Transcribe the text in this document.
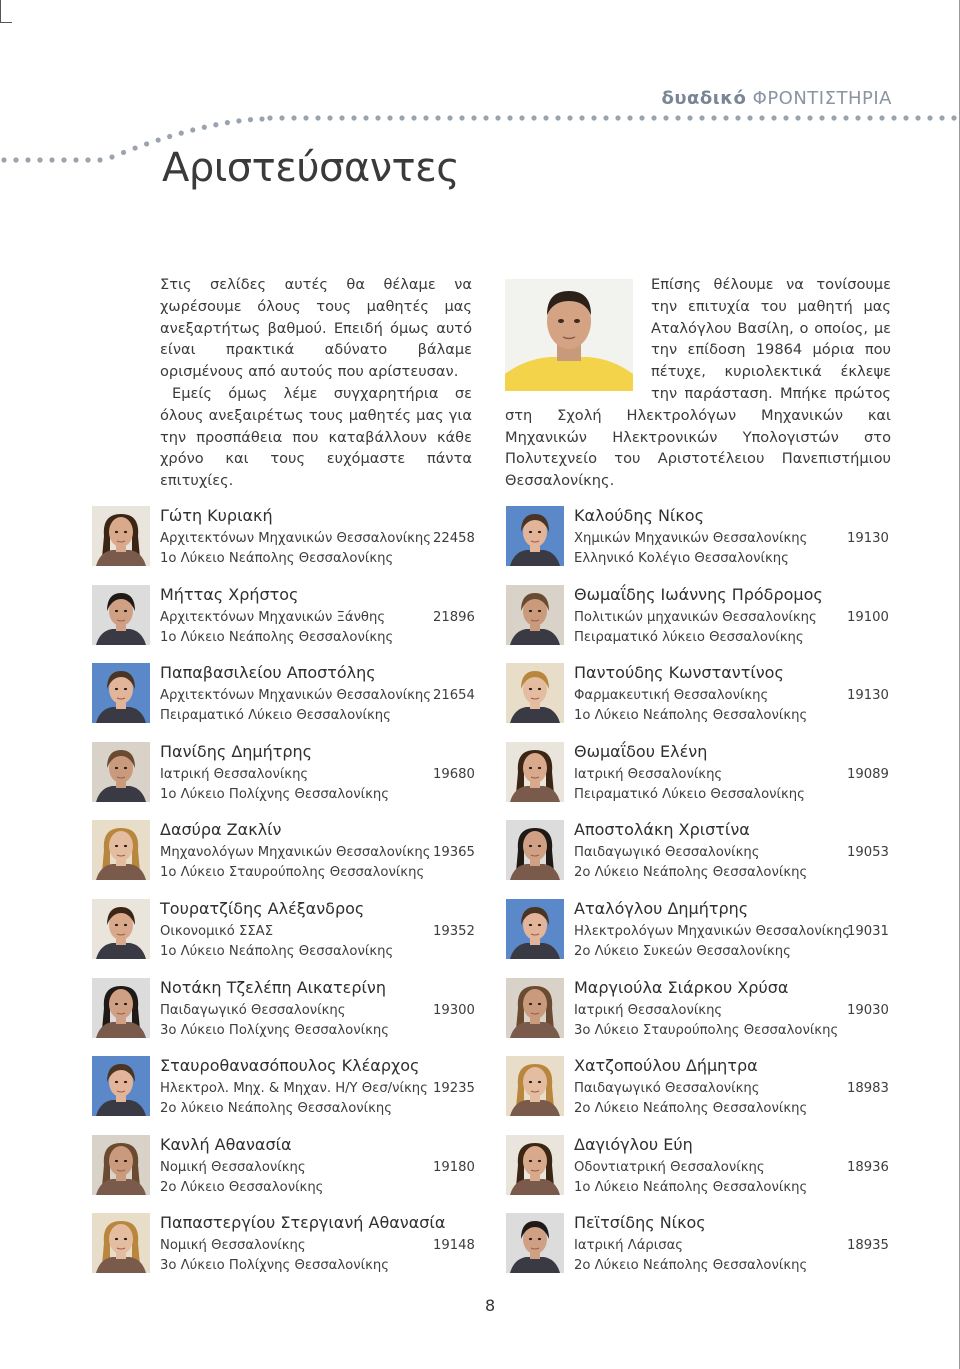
δυαδικό ΦΡΟΝΤΙΣΤΗΡΙΑ
Αριστεύσαντες

Στις σελίδες αυτές θα θέλαμε να χωρέσουμε όλους τους μαθητές μας ανεξαρτήτως βαθμού. Επειδή όμως αυτό είναι πρακτικά αδύνατο βάλαμε ορισμένους από αυτούς που αρίστευσαν.

Εμείς όμως λέμε συγχαρητήρια σε όλους ανεξαιρέτως τους μαθητές μας για την προσπάθεια που καταβάλλουν κάθε χρόνο και τους ευχόμαστε πάντα επιτυχίες.

Επίσης θέλουμε να τονίσουμε την επιτυχία του μαθητή μας Αταλόγλου Βασίλη, ο οποίος, με την επίδοση 19864 μόρια που πέτυχε, κυριολεκτικά έκλεψε την παράσταση. Μπήκε πρώτος στη Σχολή Ηλεκτρολόγων Μηχανικών και Μηχανικών Ηλεκτρονικών Υπολογιστών στο Πολυτεχνείο του Αριστοτέλειου Πανεπιστήμιου Θεσσαλονίκης.
Γώτη Κυριακή
Αρχιτεκτόνων Μηχανικών Θεσσαλονίκης 22458
1ο Λύκειο Νεάπολης Θεσσαλονίκης
Μήττας Χρήστος
Αρχιτεκτόνων Μηχανικών Ξάνθης	21896
1ο Λύκειο Νεάπολης Θεσσαλονίκης
Παπαβασιλείου Αποστόλης
Αρχιτεκτόνων Μηχανικών Θεσσαλονίκης 21654
Πειραματικό Λύκειο Θεσσαλονίκης
Πανίδης Δημήτρης
Ιατρική Θεσσαλονίκης	19680
1ο Λύκειο Πολίχνης Θεσσαλονίκης
Δασύρα Ζακλίν
Μηχανολόγων Μηχανικών Θεσσαλονίκης 19365
1ο Λύκειο Σταυρούπολης Θεσσαλονίκης
Τουρατζίδης Αλέξανδρος
Οικονομικό ΣΣΑΣ	19352
1ο Λύκειο Νεάπολης Θεσσαλονίκης
Νοτάκη Τζελέπη Αικατερίνη
Παιδαγωγικό Θεσσαλονίκης	19300
3ο Λύκειο Πολίχνης Θεσσαλονίκης
Σταυροθανασόπουλος Κλέαρχος
Ηλεκτρολ. Μηχ. & Μηχαν. Η/Υ Θεσ/νίκης 19235
2ο λύκειο Νεάπολης Θεσσαλονίκης
Κανλή Αθανασία
Νομική Θεσσαλονίκης	19180
2ο Λύκειο Θεσσαλονίκης
Παπαστεργίου Στεργιανή Αθανασία
Νομική Θεσσαλονίκης	19148
3ο Λύκειο Πολίχνης Θεσσαλονίκης
Καλούδης Νίκος
Χημικών Μηχανικών Θεσσαλονίκης	19130
Ελληνικό Κολέγιο Θεσσαλονίκης
Θωμαΐδης Ιωάννης Πρόδρομος
Πολιτικών μηχανικών Θεσσαλονίκης 19100
Πειραματικό λύκειο Θεσσαλονίκης
Παντούδης Κωνσταντίνος
Φαρμακευτική Θεσσαλονίκης	19130
1ο Λύκειο Νεάπολης Θεσσαλονίκης
Θωμαΐδου Ελένη
Ιατρική Θεσσαλονίκης	19089
Πειραματικό Λύκειο Θεσσαλονίκης
Αποστολάκη Χριστίνα
Παιδαγωγικό Θεσσαλονίκης	19053
2ο Λύκειο Νεάπολης Θεσσαλονίκης
Αταλόγλου Δημήτρης
Ηλεκτρολόγων Μηχανικών Θεσσαλονίκης
19031
2ο Λύκειο Συκεών Θεσσαλονίκης
Μαργιούλα Σιάρκου Χρύσα
Ιατρική Θεσσαλονίκης	19030
3ο Λύκειο Σταυρούπολης Θεσσαλονίκης
Χατζοπούλου Δήμητρα
Παιδαγωγικό Θεσσαλονίκης	18983
2ο Λύκειο Νεάπολης Θεσσαλονίκης
Δαγιόγλου Εύη
Οδοντιατρική Θεσσαλονίκης	18936
1ο Λύκειο Νεάπολης Θεσσαλονίκης
Πεϊτσίδης Νίκος
Ιατρική Λάρισας	18935
2ο Λύκειο Νεάπολης Θεσσαλονίκης
8
